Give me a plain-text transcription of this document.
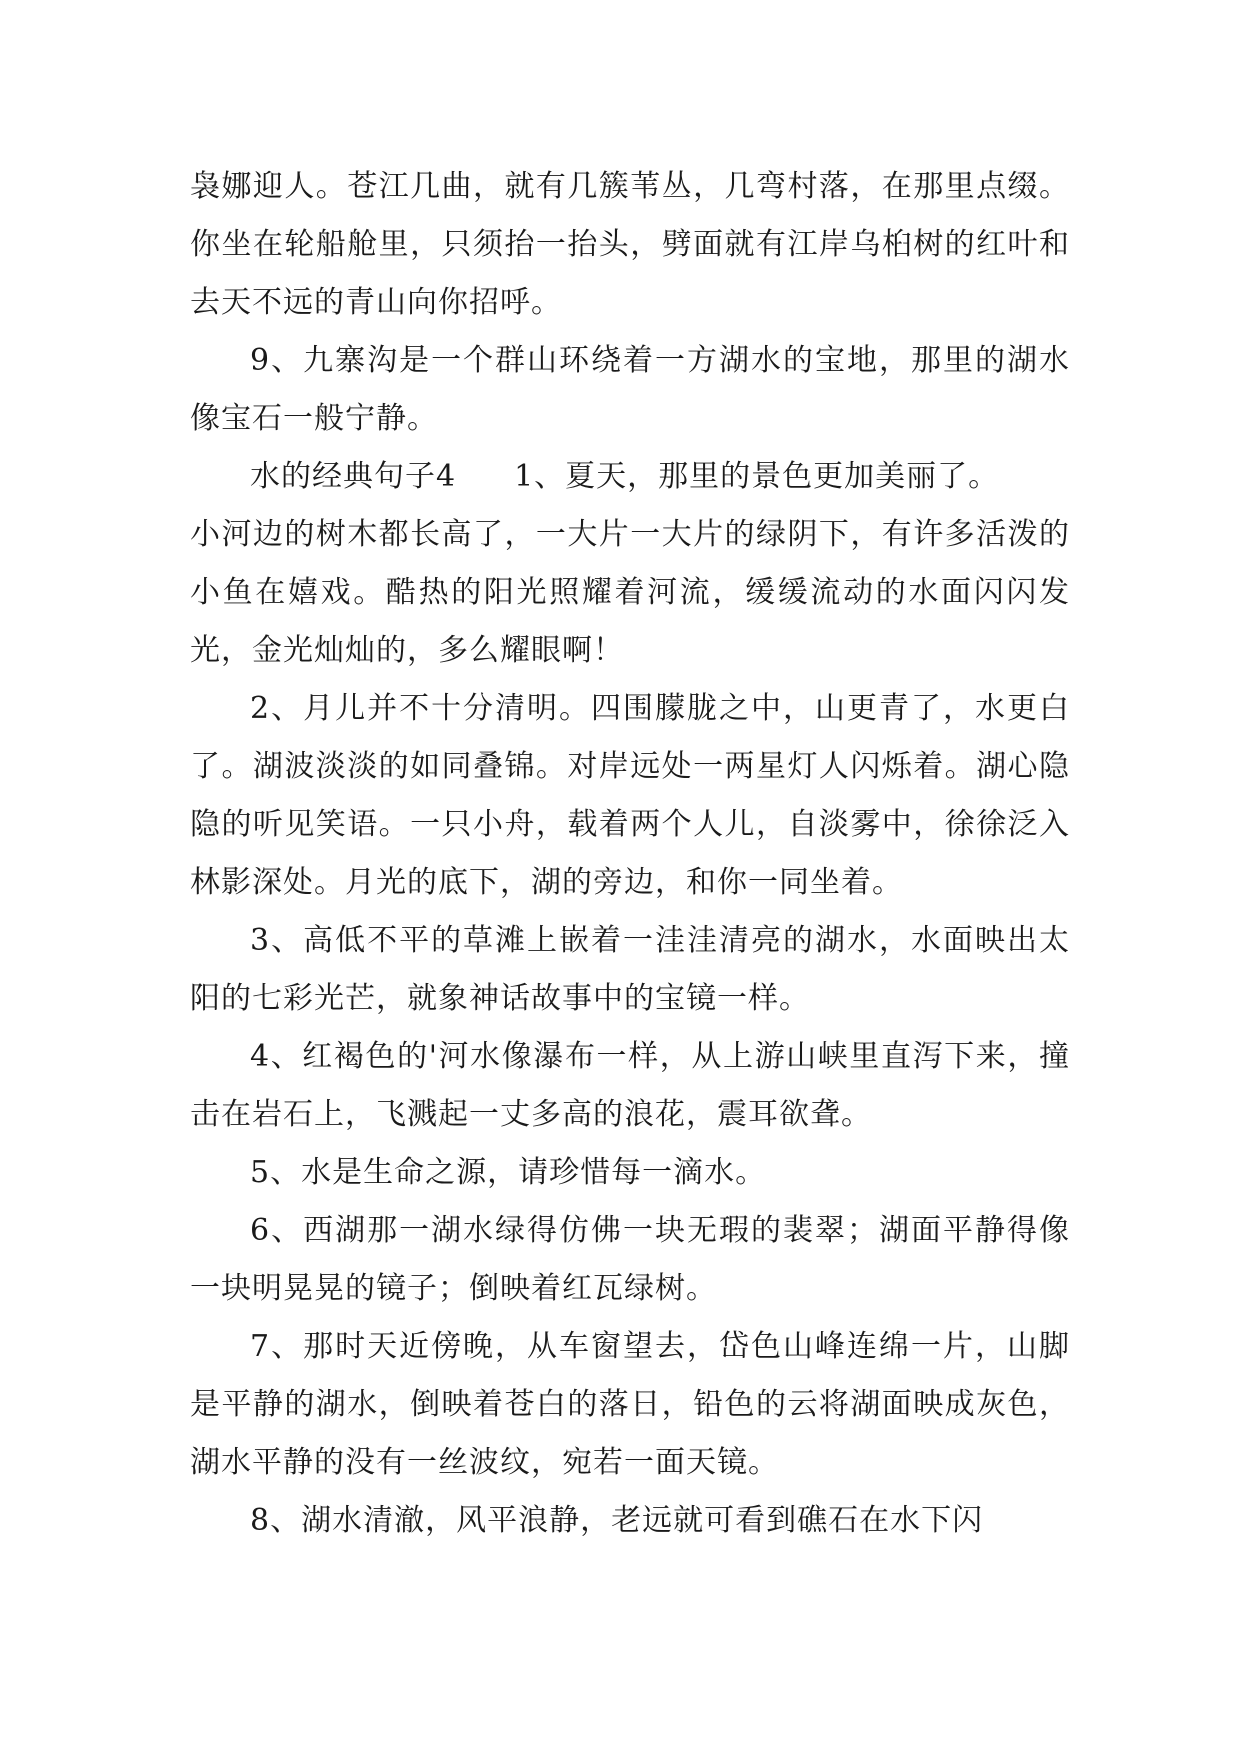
袅娜迎人。苍江几曲，就有几簇苇丛，几弯村落，在那里点缀。你坐在轮船舱里，只须抬一抬头，劈面就有江岸乌桕树的红叶和去天不远的青山向你招呼。

9、九寨沟是一个群山环绕着一方湖水的宝地，那里的湖水像宝石一般宁静。

水的经典句子4 1、夏天，那里的景色更加美丽了。

小河边的树木都长高了，一大片一大片的绿阴下，有许多活泼的小鱼在嬉戏。酷热的阳光照耀着河流，缓缓流动的水面闪闪发光，金光灿灿的，多么耀眼啊！

2、月儿并不十分清明。四围朦胧之中，山更青了，水更白了。湖波淡淡的如同叠锦。对岸远处一两星灯人闪烁着。湖心隐隐的听见笑语。一只小舟，载着两个人儿，自淡雾中，徐徐泛入林影深处。月光的底下，湖的旁边，和你一同坐着。

3、高低不平的草滩上嵌着一洼洼清亮的湖水，水面映出太阳的七彩光芒，就象神话故事中的宝镜一样。

4、红褐色的'河水像瀑布一样，从上游山峡里直泻下来，撞击在岩石上，飞溅起一丈多高的浪花，震耳欲聋。

5、水是生命之源，请珍惜每一滴水。

6、西湖那一湖水绿得仿佛一块无瑕的裴翠；湖面平静得像一块明晃晃的镜子；倒映着红瓦绿树。

7、那时天近傍晚，从车窗望去，岱色山峰连绵一片，山脚是平静的湖水，倒映着苍白的落日，铅色的云将湖面映成灰色，湖水平静的没有一丝波纹，宛若一面天镜。

8、湖水清澈，风平浪静，老远就可看到礁石在水下闪
